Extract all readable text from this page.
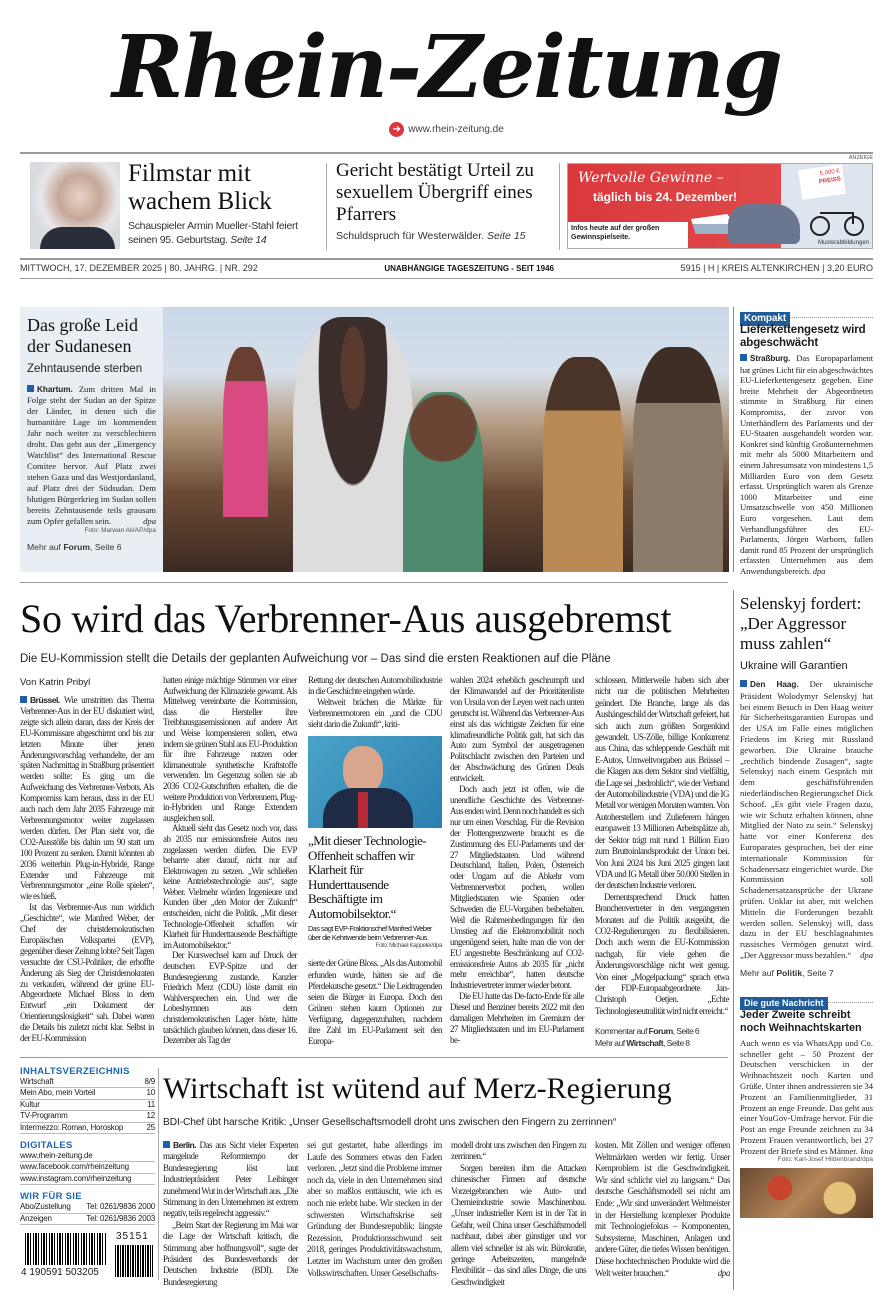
Rhein-Zeitung
➔ www.rhein-zeitung.de
Filmstar mit wachem Blick
Schauspieler Armin Mueller-Stahl feiert seinen 95. Geburtstag. Seite 14
Gericht bestätigt Urteil zu sexuellem Übergriff eines Pfarrers
Schuldspruch für Westerwälder. Seite 15
ANZEIGE
Wertvolle Gewinne –
täglich bis 24. Dezember!
Infos heute auf der großen Gewinnspielseite.
5.000 €
PREISS
Musterabbildungen
MITTWOCH, 17. DEZEMBER 2025 | 80. JAHRG. | NR. 292	UNABHÄNGIGE TAGESZEITUNG - SEIT 1946	5915 | H | KREIS ALTENKIRCHEN | 3,20 EURO
Das große Leid der Sudanesen
Zehntausende sterben

Khartum. Zum dritten Mal in Folge steht der Sudan an der Spitze der Länder, in denen sich die humanitäre Lage im kommenden Jahr noch weiter zu verschlechtern droht. Das geht aus der „Emergency Watchlist“ des International Rescue Comitee hervor. Auf Platz zwei stehen Gaza und das Westjordanland, auf Platz drei der Südsudan. Dem blutigen Bürgerkrieg im Sudan sollen bereits Zehntausende teils grausam zum Opfer gefallen sein.	dpa

Foto: Marwan Ali/AP/dpa
Mehr auf Forum, Seite 6
Kompakt
Lieferkettengesetz wird abgeschwächt

Straßburg. Das Europaparlament hat grünes Licht für ein abgeschwächtes EU-Lieferkettengesetz gegeben. Eine breite Mehrheit der Abgeordneten stimmte in Straßburg für einen Kompromiss, der zuvor von Unterhändlern des Parlaments und der EU-Staaten ausgehandelt worden war. Konkret sind künftig Großunternehmen mit mehr als 5000 Mitarbeitern und einem Jahresumsatz von mindestens 1,5 Milliarden Euro von dem Gesetz erfasst. Ursprünglich waren als Grenze 1000 Mitarbeiter und eine Umsatzschwelle von 450 Millionen Euro vorgesehen. Laut dem Verhandlungsführer des EU-Parlaments, Jörgen Warborn, fallen damit rund 85 Prozent der ursprünglich erfassten Unternehmen aus dem Anwendungsbereich. dpa

So wird das Verbrenner-Aus ausgebremst
Die EU-Kommission stellt die Details der geplanten Aufweichung vor – Das sind die ersten Reaktionen auf die Pläne
Von Katrin Pribyl

Brüssel. Wie umstritten das Thema Verbrenner-Aus in der EU diskutiert wird, zeigte sich allein daran, dass der Kreis der EU-Kommissare abgeschirmt und bis zur letzten Minute über jenen Änderungsvorschlag verhandelte, der am späten Nachmittag in Straßburg präsentiert werden sollte: Es ging um die Aufweichung des Verbrenner-Verbots. Als Kompromiss kam heraus, dass in der EU auch nach dem Jahr 2035 Fahrzeuge mit Verbrennungsmotor weiter zugelassen werden dürfen. Der Plan sieht vor, die CO2-Ausstöße bis dahin um 90 statt um 100 Prozent zu senken. Damit könnten ab 2036 weiterhin Plug-in-Hybride, Range Extender und Fahrzeuge mit Verbrennungsmotor „eine Rolle spielen“, wie es hieß.

Ist das Verbrenner-Aus nun wirklich „Geschichte“, wie Manfred Weber, der Chef der christdemokratischen Europäischen Volkspartei (EVP), gegenüber dieser Zeitung lobte? Seit Tagen versuchte der CSU-Politiker, die erhoffte Änderung als Sieg der Christdemokraten zu verkaufen, während der grüne EU-Abgeordnete Michael Bloss in dem Entwurf „ein Dokument der Orientierungslosigkeit“ sah. Dabei waren die Details bis zuletzt nicht klar. Selbst in der EU-Kommission

hatten einige mächtige Stimmen vor einer Aufweichung der Klimaziele gewarnt. Als Mittelweg vereinbarte die Kommission, dass die Hersteller ihre Treibhausgasemissionen auf andere Art und Weise kompensieren sollen, etwa indem sie grünen Stahl aus EU-Produktion für ihre Fahrzeuge nutzen oder klimaneutrale synthetische Kraftstoffe verwenden. Im Gegenzug sollen sie ab 2036 CO2-Gutschriften erhalten, die die weitere Produktion von Verbrennern, Plug-in-Hybriden und Range Extendern ausgleichen soll.

Aktuell sieht das Gesetz noch vor, dass ab 2035 nur emissionsfreie Autos neu zugelassen werden dürfen. Die EVP beharrte aber darauf, nicht nur auf Elektrowagen zu setzen. „Wir schließen keine Antriebstechnologie aus“, sagte Weber. Vielmehr würden Ingenieure und Kunden über „den Motor der Zukunft“ entscheiden, nicht die Politik. „Mit dieser Technologie-Offenheit schaffen wir Klarheit für Hunderttausende Beschäftigte im Automobilsektor.“

Der Kurswechsel kam auf Druck der deutschen EVP-Spitze und der Bundesregierung zustande. Kanzler Friedrich Merz (CDU) löste damit ein Wahlversprechen ein. Und wer die Lobeshymnen aus dem christdemokratischen Lager hörte, hätte tatsächlich glauben können, dass dieser 16. Dezember als Tag der

Rettung der deutschen Automobilindustrie in die Geschichte eingehen würde.

Weltweit brächen die Märkte für Verbrennermotoren ein „und die CDU sieht darin die Zukunft“, kriti-

„Mit dieser Technologie-Offenheit schaffen wir Klarheit für Hunderttausende Beschäftigte im Automobilsektor.“
Das sagt EVP-Fraktionschef Manfred Weber über die Kehrtwende beim Verbrenner-Aus.
Foto: Michael Kappeler/dpa

sierte der Grüne Bloss. „Als das Automobil erfunden wurde, hätten sie auf die Pferdekutsche gesetzt.“ Die Leidtragenden seien die Bürger in Europa. Doch den Grünen stehen kaum Optionen zur Verfügung, dagegenzuhalten, nachdem ihre Zahl im EU-Parlament seit den Europa-

wahlen 2024 erheblich geschrumpft und der Klimawandel auf der Prioritätenliste von Ursula von der Leyen weit nach unten gerutscht ist. Während das Verbrenner-Aus einst als das wichtigste Zeichen für eine klimafreundliche Politik galt, hat sich das Auto zum Symbol der ausgetragenen Politschlacht zwischen den Parteien und der Abschwächung des Grünen Deals entwickelt.

Doch auch jetzt ist offen, wie die unendliche Geschichte des Verbrenner-Aus enden wird. Denn noch handelt es sich nur um einen Vorschlag. Für die Revision der Flottengrenzwerte braucht es die Zustimmung des EU-Parlaments und der 27 Mitgliedstaaten. Und während Deutschland, Italien, Polen, Österreich oder Ungarn auf die Abkehr vom Verbrennerverbot pochen, wollen Mitgliedstaaten wie Spanien oder Schweden die EU-Vorgaben beibehalten. Weil die Rahmenbedingungen für den Umstieg auf die Elektromobilität noch ungenügend seien, halte man die von der EU angestrebte Beschränkung auf CO2-emissionsfreie Autos ab 2035 für „nicht mehr erreichbar“, hatten deutsche Industrievertreter immer wieder betont.

Die EU hatte das De-facto-Ende für alle Diesel und Benziner bereits 2022 mit den damaligen Mehrheiten im Gremium der 27 Mitgliedstaaten und im EU-Parlament be-

schlossen. Mittlerweile haben sich aber nicht nur die politischen Mehrheiten geändert. Die Branche, lange als das Aushängeschild der Wirtschaft gefeiert, hat sich auch zum größten Sorgenkind gewandelt. US-Zölle, billige Konkurrenz aus China, das schleppende Geschäft mit E-Autos, Umweltvorgaben aus Brüssel – die Klagen aus dem Sektor sind vielfältig, die Lage sei „bedrohlich“, wie der Verband der Automobilindustrie (VDA) und die IG Metall vor wenigen Monaten warnten. Von Autoherstellern und Zulieferern hängen europaweit 13 Millionen Arbeitsplätze ab, der Sektor trägt mit rund 1 Billion Euro zum Bruttoinlandsprodukt der Union bei. Von Juni 2024 bis Juni 2025 gingen laut VDA und IG Metall über 50.000 Stellen in der deutschen Industrie verloren.

Dementsprechend Druck hatten Branchenvertreter in den vergangenen Monaten auf die Politik ausgeübt, die CO2-Regulierungen zu flexibilisieren. Doch auch wenn die EU-Kommission nachgab, für viele gehen die Änderungsvorschläge nicht weit genug. Von einer „Mogelpackung“ sprach etwa der FDP-Europaabgeordnete Jan-Christoph Oetjen. „Echte Technologieneutralität wird nicht erreicht.“

Kommentar auf Forum, Seite 6
Mehr auf Wirtschaft, Seite 8
Selenskyj fordert: „Der Aggressor muss zahlen“
Ukraine will Garantien

Den Haag. Der ukrainische Präsident Wolodymyr Selenskyj hat bei einem Besuch in Den Haag weiter für Sicherheitsgarantien Europas und der USA im Falle eines möglichen Friedens im Krieg mit Russland geworben. Die Ukraine brauche „rechtlich bindende Zusagen“, sagte Selenskyj nach einem Gespräch mit dem geschäftsführenden niederländischen Regierungschef Dick Schoof. „Es gibt viele Fragen dazu, wie wir Schutz erhalten können, ohne Mitglied der Nato zu sein.“ Selenskyj hatte vor einer Konferenz des Europarates gesprochen, bei der eine internationale Kommission für Schadenersatz eingerichtet wurde. Die Kommission soll Schadenersatzansprüche der Ukrane prüfen. Unklar ist aber, mit welchen Mitteln die Forderungen bezahlt werden sollen. Selenskyj will, dass dazu in der EU beschlagnahmtes russisches Vermögen genutzt wird. „Der Aggressor muss bezahlen.“ dpa

Mehr auf Politik, Seite 7
Die gute Nachricht
Jeder Zweite schreibt noch Weihnachtskarten

Auch wenn es via WhatsApp und Co. schneller geht – 50 Prozent der Deutschen verschicken in der Weihnachtszeit noch Karten und Grüße. Unter ihnen andressieren sie 34 Prozent an Familienmitglieder, 31 Prozent an enge Freunde. Das geht aus einer YouGov-Umfrage hervor. Für die Post an enge Freunde zeichnen zu 34 Prozent Frauen verantwortlich, bei 27 Prozent der Briefe sind es Männer. kna

Foto: Karl-Josef Hildenbrand/dpa
INHALTSVERZEICHNIS
Wirtschaft	8/9
Mein Abo, mein Vorteil	10
Kultur	11
TV-Programm	12
Intermezzo: Roman, Horoskop	25
DIGITALES
www.rhein-zeitung.de
www.facebook.com/rheinzeitung
www.instagram.com/rheinzeitung
WIR FÜR SIE
Abo/Zustellung Tel: 0261/9836 2000
Anzeigen	Tel: 0261/9836 2003
4 190591 503205
35151
Wirtschaft ist wütend auf Merz-Regierung
BDI-Chef übt harsche Kritik: „Unser Gesellschaftsmodell droht uns zwischen den Fingern zu zerrinnen“

Berlin. Das aus Sicht vieler Experten mangelnde Reformtempo der Bundesregierung löst laut Industriepräsident Peter Leibinger zunehmend Wut in der Wirtschaft aus. „Die Stimmung in den Unternehmen ist extrem negativ, teils regelrecht aggressiv.“

„Beim Start der Regierung im Mai war die Lage der Wirtschaft kritisch, die Stimmung aber hoffnungsvoll“, sagte der Präsident des Bundesverbands der Deutschen Industrie (BDI). Die Bundesregierung

sei gut gestartet, habe allerdings im Laufe des Sommers etwas den Faden verloren. „Jetzt sind die Probleme immer noch da, viele in den Unternehmen sind aber so maßlos enttäuscht, wie ich es noch nie erlebt habe. Wir stecken in der schwersten Wirtschaftskrise seit Gründung der Bundesrepublik: längste Rezession, Produktionsschwund seit 2018, geringes Produktivitätswachstum, Letzter im Wachstum unter den großen Volkswirtschaften. Unser Gesellschafts-

modell droht uns zwischen den Fingern zu zerrinnen.“

Sorgen bereiten ihm die Attacken chinesischer Firmen auf deutsche Vorzeigebranchen wie Auto- und Chemieindustrie sowie Maschinenbau. „Unser industrieller Kern ist in der Tat in Gefahr, weil China unser Geschäftsmodell nachbaut, dabei aber günstiger und vor allem viel schneller ist als wir. Bürokratie, geringe Arbeitszeiten, mangelnde Flexibilität – das sind alles Dinge, die uns Geschwindigkeit

kosten. Mit Zöllen und weniger offenen Weltmärkten werden wir fertig. Unser Kernproblem ist die Geschwindigkeit. Wir sind schlicht viel zu langsam.“ Das deutsche Geschäftsmodell sei nicht am Ende: „Wir sind unverändert Weltmeister in der Herstellung komplexer Produkte mit Technologiefokus – Komponenten, Subsysteme, Maschinen, Anlagen und andere Güter, die tiefes Wissen benötigen. Diese hochtechnischen Produkte wird die Welt weiter brauchen.“	dpa
